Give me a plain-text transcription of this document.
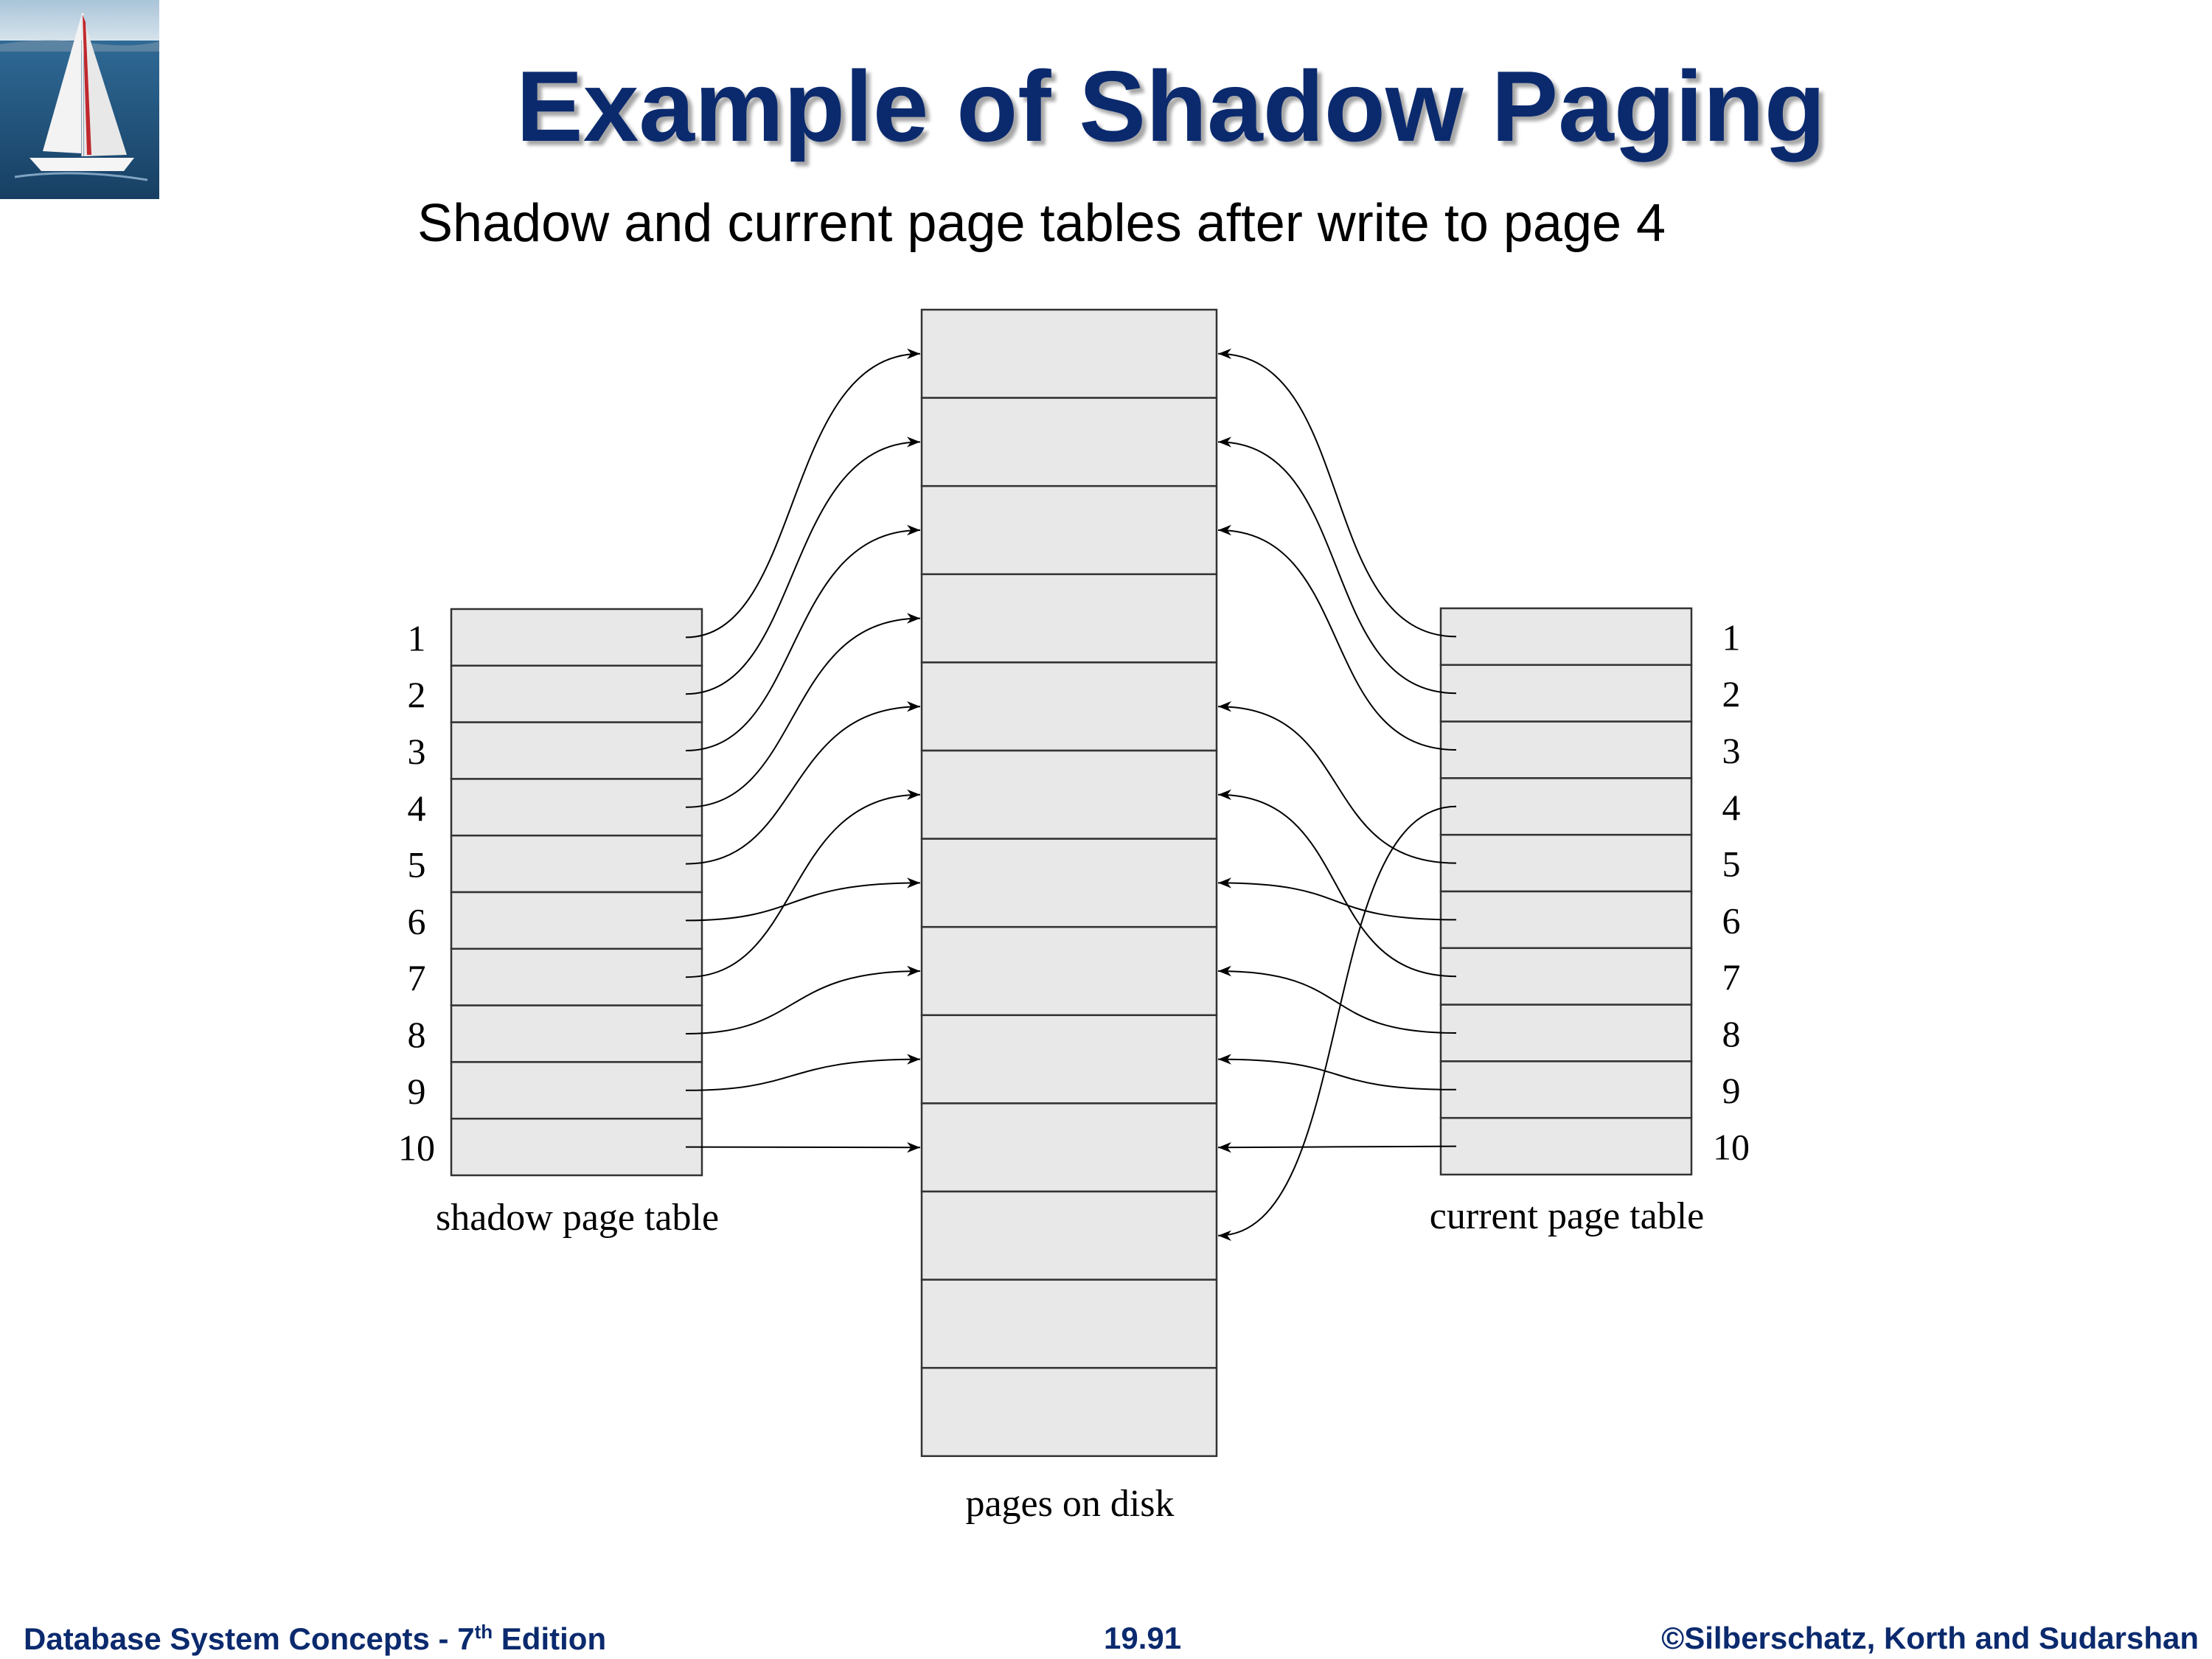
Example of Shadow Paging
Shadow and current page tables after write to page 4
1
2
3
4
5
6
7
8
9
10
1
2
3
4
5
6
7
8
9
10
shadow page table	current page table
pages on disk
Database System Concepts - 7th Edition	19.91	©Silberschatz, Korth and Sudarshan
